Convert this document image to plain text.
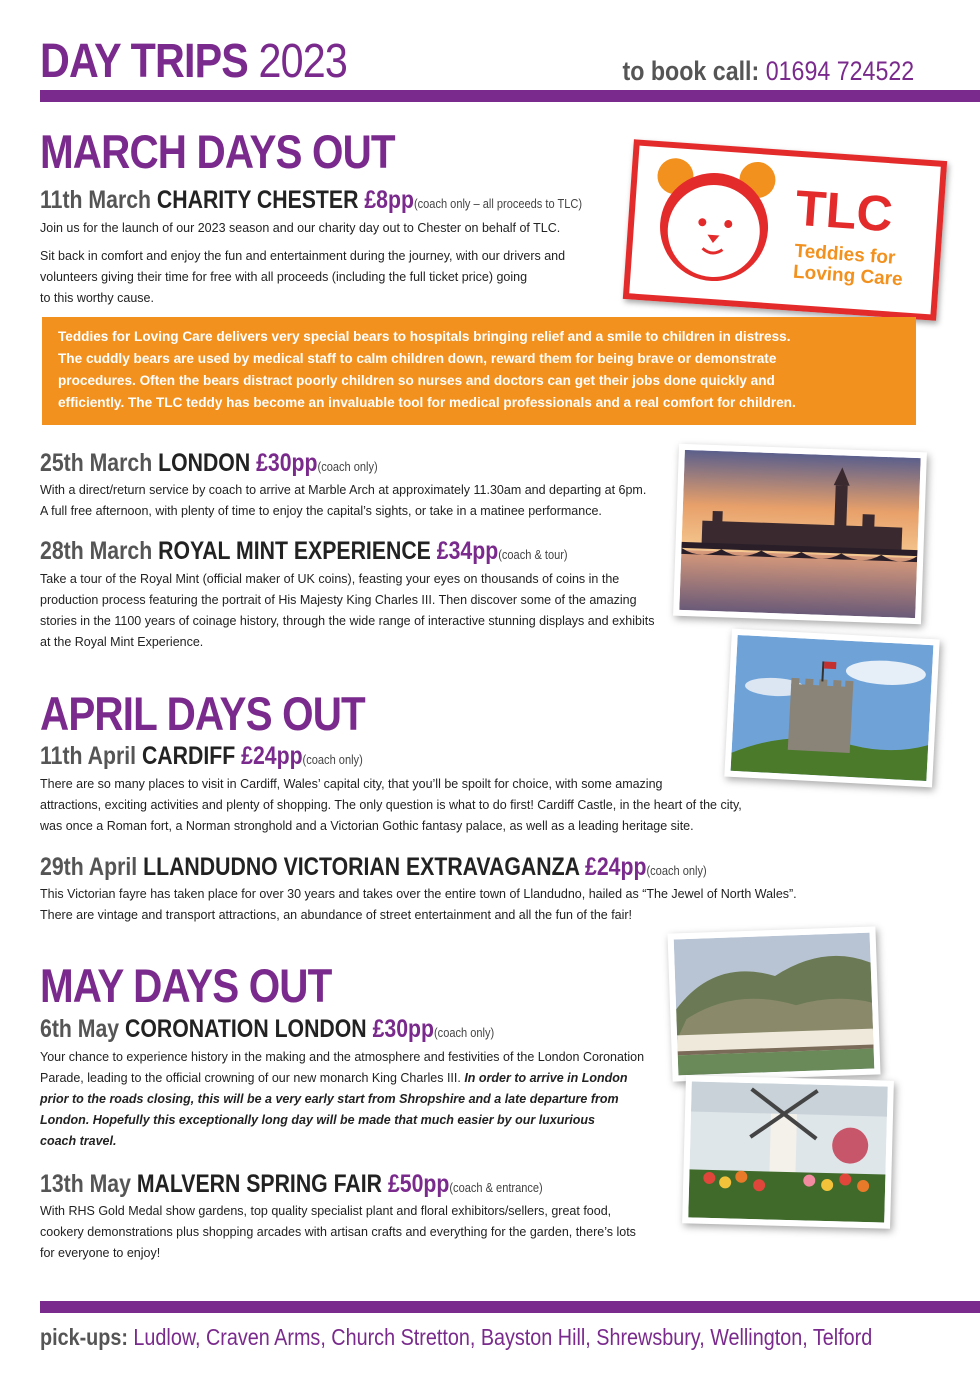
DAY TRIPS 2023	to book call: 01694 724522
MARCH DAYS OUT
11th March CHARITY CHESTER £8pp(coach only – all proceeds to TLC)
Join us for the launch of our 2023 season and our charity day out to Chester on behalf of TLC.
Sit back in comfort and enjoy the fun and entertainment during the journey, with our drivers and
volunteers giving their time for free with all proceeds (including the full ticket price) going
to this worthy cause.
TLC
Teddies for
Loving Care
Teddies for Loving Care delivers very special bears to hospitals bringing relief and a smile to children in distress.
The cuddly bears are used by medical staff to calm children down, reward them for being brave or demonstrate
procedures. Often the bears distract poorly children so nurses and doctors can get their jobs done quickly and
efficiently. The TLC teddy has become an invaluable tool for medical professionals and a real comfort for children.
25th March LONDON £30pp(coach only)
With a direct/return service by coach to arrive at Marble Arch at approximately 11.30am and departing at 6pm.
A full free afternoon, with plenty of time to enjoy the capital’s sights, or take in a matinee performance.
28th March ROYAL MINT EXPERIENCE £34pp(coach & tour)
Take a tour of the Royal Mint (official maker of UK coins), feasting your eyes on thousands of coins in the
production process featuring the portrait of His Majesty King Charles III. Then discover some of the amazing
stories in the 1100 years of coinage history, through the wide range of interactive stunning displays and exhibits
at the Royal Mint Experience.
APRIL DAYS OUT
11th April CARDIFF £24pp(coach only)
There are so many places to visit in Cardiff, Wales’ capital city, that you’ll be spoilt for choice, with some amazing
attractions, exciting activities and plenty of shopping. The only question is what to do first! Cardiff Castle, in the heart of the city,
was once a Roman fort, a Norman stronghold and a Victorian Gothic fantasy palace, as well as a leading heritage site.
29th April LLANDUDNO VICTORIAN EXTRAVAGANZA £24pp(coach only)
This Victorian fayre has taken place for over 30 years and takes over the entire town of Llandudno, hailed as “The Jewel of North Wales”.
There are vintage and transport attractions, an abundance of street entertainment and all the fun of the fair!
MAY DAYS OUT
6th May CORONATION LONDON £30pp(coach only)
Your chance to experience history in the making and the atmosphere and festivities of the London Coronation
Parade, leading to the official crowning of our new monarch King Charles III. In order to arrive in London
prior to the roads closing, this will be a very early start from Shropshire and a late departure from
London. Hopefully this exceptionally long day will be made that much easier by our luxurious
coach travel.
13th May MALVERN SPRING FAIR £50pp(coach & entrance)
With RHS Gold Medal show gardens, top quality specialist plant and floral exhibitors/sellers, great food,
cookery demonstrations plus shopping arcades with artisan crafts and everything for the garden, there’s lots
for everyone to enjoy!
pick-ups: Ludlow, Craven Arms, Church Stretton, Bayston Hill, Shrewsbury, Wellington, Telford
